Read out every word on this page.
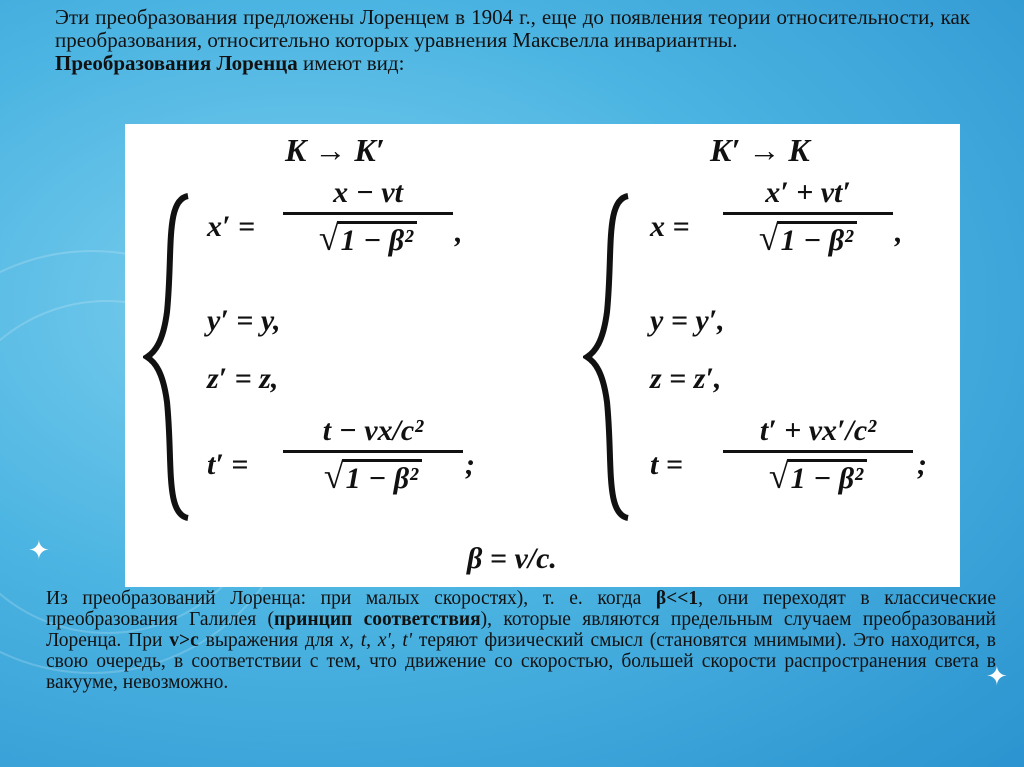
✦
✦
Эти преобразования предложены Лоренцем в 1904 г., еще до появления теории относительности, как преобразования, относительно которых уравнения Максвелла инвариантны.
Преобразования Лоренца имеют вид:
K → K′
x′ =
x − vt
√1 − β²	,
y′ = y,
z′ = z,
t′ =
t − vx/c²
√1 − β²	;
K′ → K
x =
x′ + vt′
√1 − β²	,
y = y′,
z = z′,
t =
t′ + vx′/c²
√1 − β²	;
β = v/c.
Из преобразований Лоренца: при малых скоростях), т. е. когда β<<1, они переходят в классические преобразования Галилея (принцип соответствия), которые являются предельным случаем преобразований Лоренца. При v>c выражения для x, t, x', t' теряют физический смысл (становятся мнимыми). Это находится, в свою очередь, в соответствии с тем, что движение со скоростью, большей скорости распространения света в вакууме, невозможно.
